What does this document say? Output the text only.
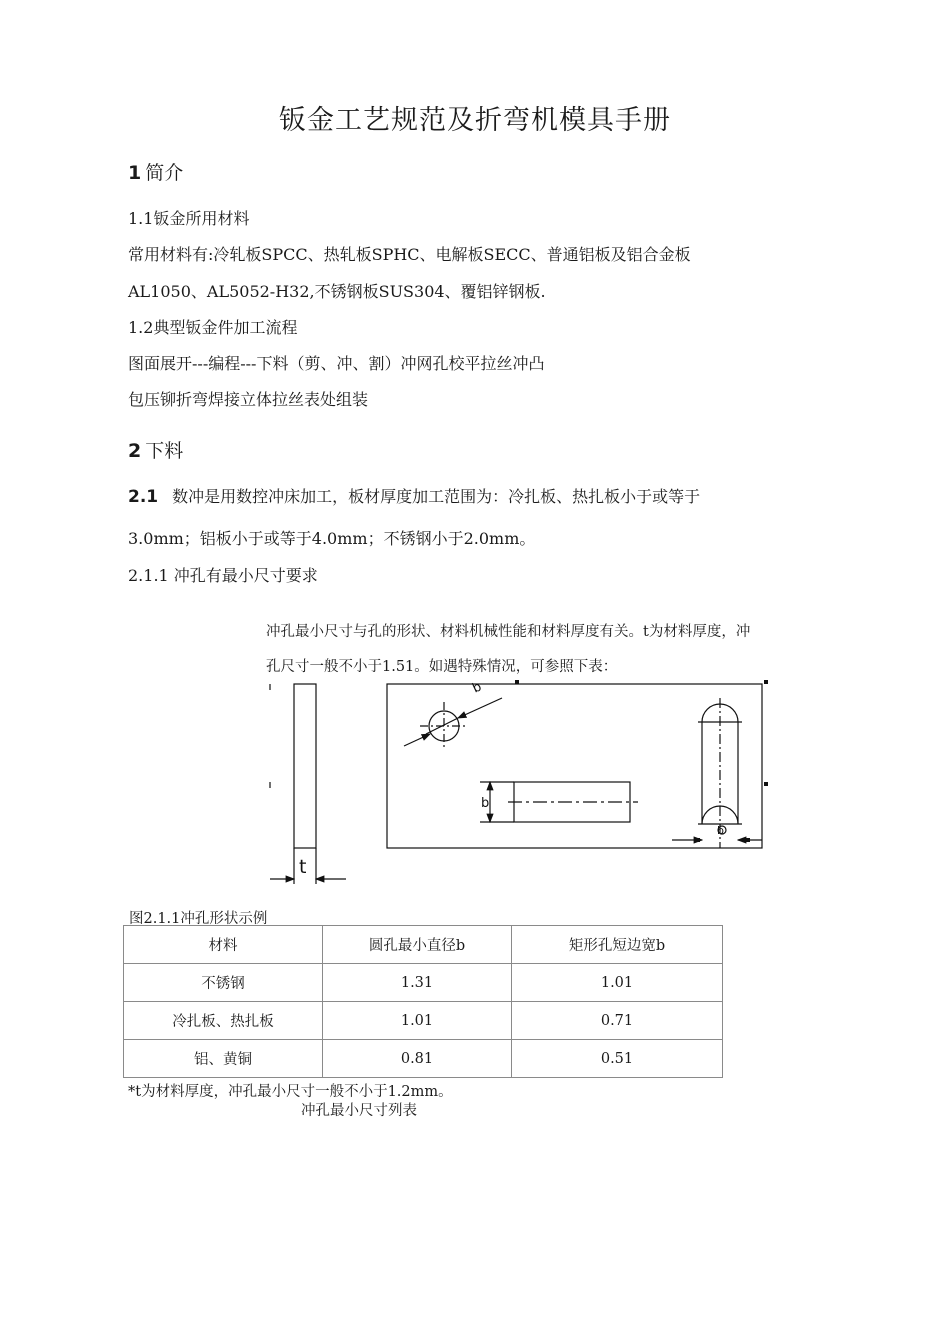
钣金工艺规范及折弯机模具手册
1 简介
1.1钣金所用材料
常用材料有:冷轧板SPCC、热轧板SPHC、电解板SECC、普通铝板及铝合金板
AL1050、AL5052-H32,不锈钢板SUS304、覆铝锌钢板.
1.2典型钣金件加工流程
图面展开---编程---下料（剪、冲、割）冲网孔校平拉丝冲凸
包压铆折弯焊接立体拉丝表处组装
2 下料
2.1 数冲是用数控冲床加工，板材厚度加工范围为：冷扎板、热扎板小于或等于
3.0mm；铝板小于或等于4.0mm；不锈钢小于2.0mm。
2.1.1 冲孔有最小尺寸要求
冲孔最小尺寸与孔的形状、材料机械性能和材料厚度有关。t为材料厚度，冲
孔尺寸一般不小于1.51。如遇特殊情况，可参照下表：
t
b
b
b
图2.1.1冲孔形状示例
材料	圆孔最小直径b	矩形孔短边宽b
不锈钢	1.31	1.01
冷扎板、热扎板	1.01	0.71
铝、黄铜	0.81	0.51
*t为材料厚度，冲孔最小尺寸一般不小于1.2mm。
冲孔最小尺寸列表
